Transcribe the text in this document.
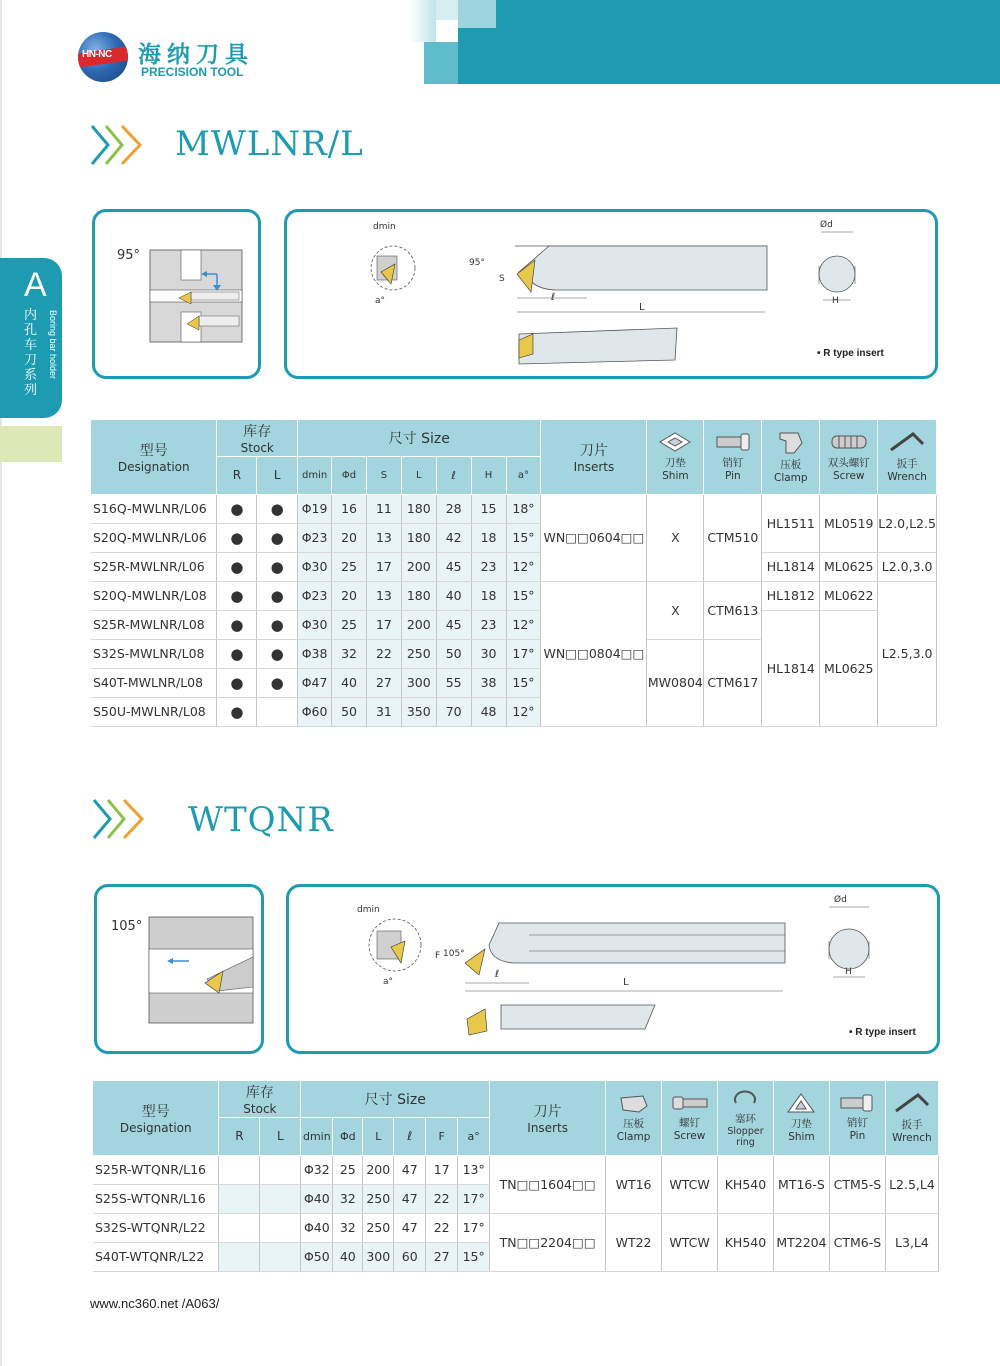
HN-NC 海纳刀具
PRECISION TOOL
A
内孔车刀系列
Boring bar holder
MWLNR/L
95°
dmin
95°
S
ℓ
L
a°
Ød
H
• R type insert
型号
Designation	库存
Stock		尺寸 Size							刀片
Inserts	刀垫
Shim	销钉
Pin	压板
Clamp	双头螺钉
Screw	扳手
Wrench

	R	L	dmin	Φd	S	L	ℓ	H	a°						
S16Q-MWLNR/L06	●	●	Φ19	16	11	180	28	15	18°	WN□□0604□□	X	CTM510	HL1511	ML0519	L2.0,L2.5
S20Q-MWLNR/L06	●	●	Φ23	20	13	180	42	18	15°						
S25R-MWLNR/L06	●	●	Φ30	25	17	200	45	23	12°				HL1814	ML0625	L2.0,3.0
S20Q-MWLNR/L08	●	●	Φ23	20	13	180	40	18	15°	WN□□0804□□	X	CTM613	HL1812	ML0622	L2.5,3.0
S25R-MWLNR/L08	●	●	Φ30	25	17	200	45	23	12°				HL1814	ML0625	
S32S-MWLNR/L08	●	●	Φ38	32	22	250	50	30	17°		MW0804	CTM617			
S40T-MWLNR/L08	●	●	Φ47	40	27	300	55	38	15°						
S50U-MWLNR/L08	●		Φ60	50	31	350	70	48	12°						
WTQNR
105°
dmin
105°
F
ℓ
L
a°
Ød
H
• R type insert
型号
Designation	库存
Stock		尺寸 Size						刀片
Inserts	压板
Clamp	螺钉
Screw	塞环
Slopper ring	刀垫
Shim	销钉
Pin	扳手
Wrench

	R	L	dmin	Φd	L	ℓ	F	a°							
S25R-WTQNR/L16			Φ32	25	200	47	17	13°	TN□□1604□□	WT16	WTCW	KH540	MT16-S	CTM5-S	L2.5,L4
S25S-WTQNR/L16			Φ40	32	250	47	22	17°							
S32S-WTQNR/L22			Φ40	32	250	47	22	17°	TN□□2204□□	WT22	WTCW	KH540	MT2204	CTM6-S	L3,L4
S40T-WTQNR/L22			Φ50	40	300	60	27	15°							
www.nc360.net /A063/
